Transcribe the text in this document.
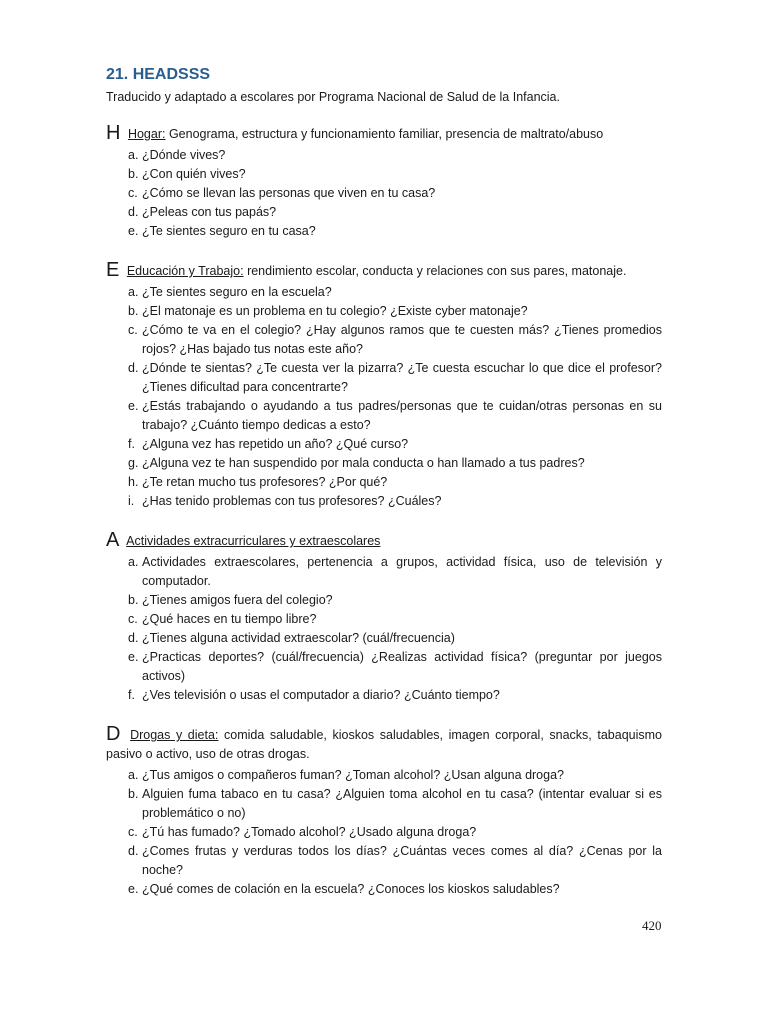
21. HEADSSS
Traducido y adaptado a escolares por Programa Nacional de Salud de la Infancia.
H Hogar: Genograma, estructura y funcionamiento familiar, presencia de maltrato/abuso
a. ¿Dónde vives?
b. ¿Con quién vives?
c. ¿Cómo se llevan las personas que viven en tu casa?
d. ¿Peleas con tus papás?
e. ¿Te sientes seguro en tu casa?
E Educación y Trabajo: rendimiento escolar, conducta y relaciones con sus pares, matonaje.
a. ¿Te sientes seguro en la escuela?
b. ¿El matonaje es un problema en tu colegio? ¿Existe cyber matonaje?
c. ¿Cómo te va en el colegio? ¿Hay algunos ramos que te cuesten más? ¿Tienes promedios rojos? ¿Has bajado tus notas este año?
d. ¿Dónde te sientas? ¿Te cuesta ver la pizarra? ¿Te cuesta escuchar lo que dice el profesor? ¿Tienes dificultad para concentrarte?
e. ¿Estás trabajando o ayudando a tus padres/personas que te cuidan/otras personas en su trabajo? ¿Cuánto tiempo dedicas a esto?
f. ¿Alguna vez has repetido un año? ¿Qué curso?
g. ¿Alguna vez te han suspendido por mala conducta o han llamado a tus padres?
h. ¿Te retan mucho tus profesores? ¿Por qué?
i. ¿Has tenido problemas con tus profesores? ¿Cuáles?
A Actividades extracurriculares y extraescolares
a. Actividades extraescolares, pertenencia a grupos, actividad física, uso de televisión y computador.
b. ¿Tienes amigos fuera del colegio?
c. ¿Qué haces en tu tiempo libre?
d. ¿Tienes alguna actividad extraescolar? (cuál/frecuencia)
e. ¿Practicas deportes? (cuál/frecuencia) ¿Realizas actividad física? (preguntar por juegos activos)
f. ¿Ves televisión o usas el computador a diario? ¿Cuánto tiempo?
D Drogas y dieta: comida saludable, kioskos saludables, imagen corporal, snacks, tabaquismo pasivo o activo, uso de otras drogas.
a. ¿Tus amigos o compañeros fuman? ¿Toman alcohol? ¿Usan alguna droga?
b. Alguien fuma tabaco en tu casa? ¿Alguien toma alcohol en tu casa? (intentar evaluar si es problemático o no)
c. ¿Tú has fumado? ¿Tomado alcohol? ¿Usado alguna droga?
d. ¿Comes frutas y verduras todos los días? ¿Cuántas veces comes al día? ¿Cenas por la noche?
e. ¿Qué comes de colación en la escuela? ¿Conoces los kioskos saludables?
420
